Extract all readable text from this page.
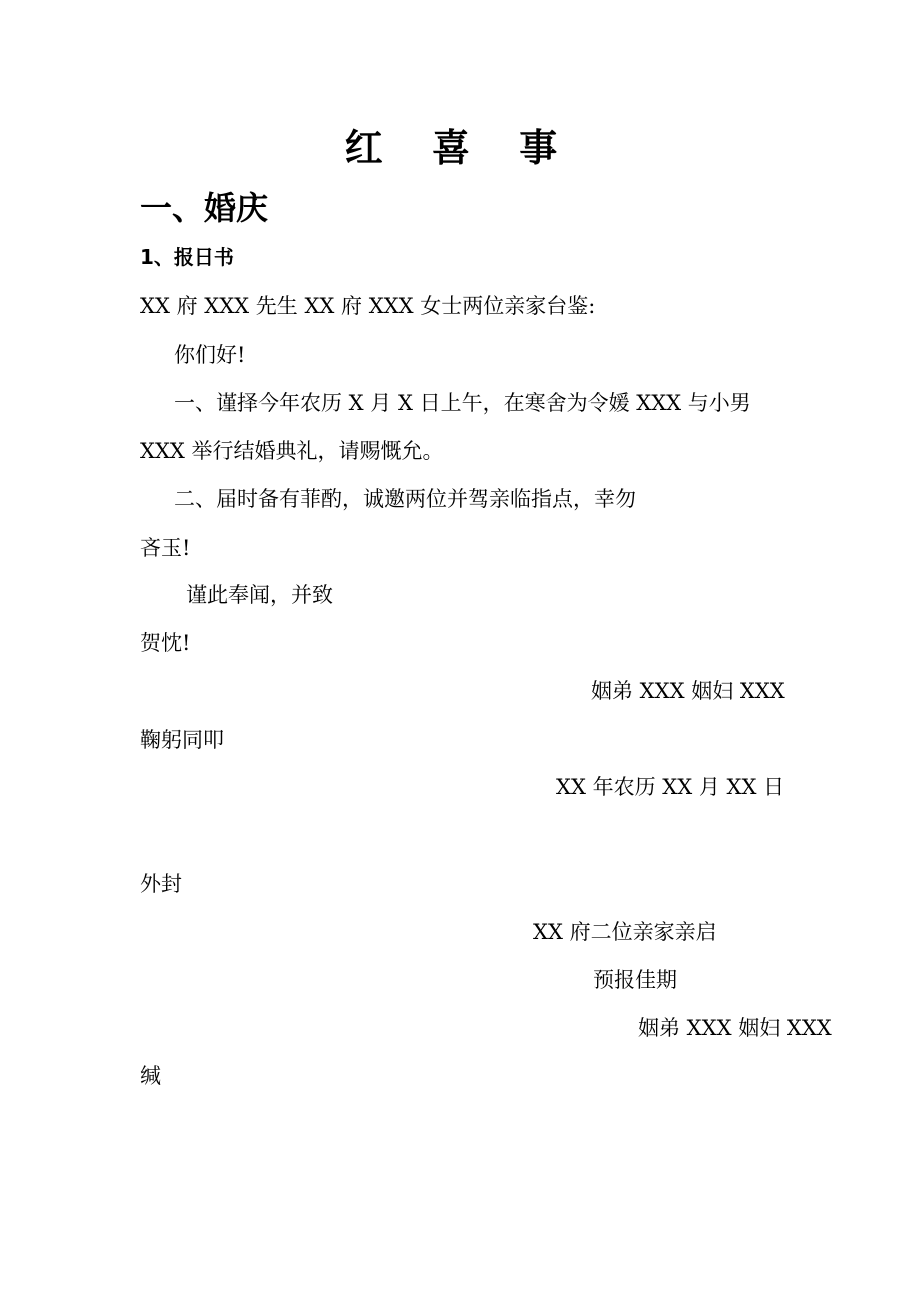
红 喜 事
一、婚庆
1、报日书
XX 府 XXX 先生 XX 府 XXX 女士两位亲家台鉴:
你们好!
一、谨择今年农历 X 月 X 日上午，在寒舍为令媛 XXX 与小男
XXX 举行结婚典礼，请赐慨允。
二、届时备有菲酌，诚邀两位并驾亲临指点，幸勿
吝玉!
谨此奉闻，并致
贺忱!
姻弟 XXX 姻妇 XXX
鞠躬同叩
XX 年农历 XX 月 XX 日
外封
XX 府二位亲家亲启
预报佳期
姻弟 XXX 姻妇 XXX
缄
